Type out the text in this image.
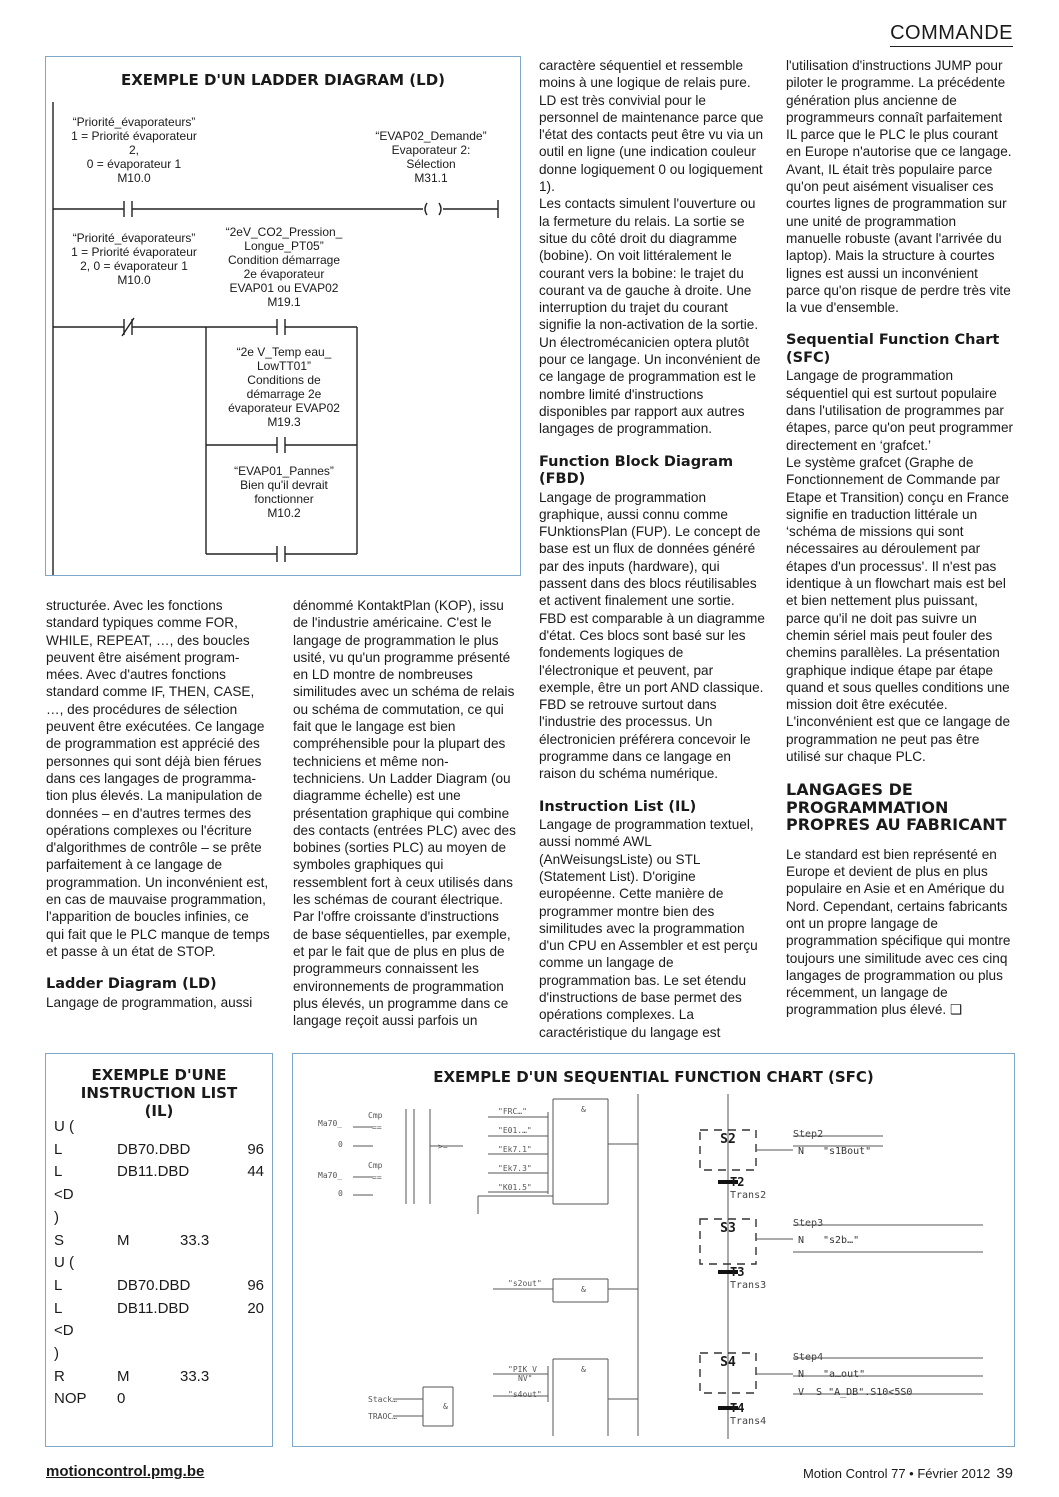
COMMANDE
EXEMPLE D'UN LADDER DIAGRAM (LD)
“Priorité_évaporateurs”
1 = Priorité évaporateur
2,
0 = évaporateur 1
M10.0
“EVAP02_Demande”
Evaporateur 2:
Sélection
M31.1
“Priorité_évaporateurs”
1 = Priorité évaporateur
2, 0 = évaporateur 1
M10.0
“2eV_CO2_Pression_
Longue_PT05”
Condition démarrage
2e évaporateur
EVAP01 ou EVAP02
M19.1
“2e V_Temp eau_
LowTT01”
Conditions de
démarrage 2e
évaporateur EVAP02
M19.3
“EVAP01_Pannes”
Bien qu'il devrait
fonctionner
M10.2

structurée. Avec les fonctions standard typiques comme FOR, WHILE, REPEAT, …, des boucles peuvent être aisément programmées. Avec d'autres fonctions standard comme IF, THEN, CASE, …, des procédures de sélection peuvent être exécutées. Ce langage de programmation est apprécié des personnes qui sont déjà bien férues dans ces langages de programmation plus élevés. La manipulation de données – en d'autres termes des opérations complexes ou l'écriture d'algorithmes de contrôle – se prête parfaitement à ce langage de programmation. Un inconvénient est, en cas de mauvaise programmation, l'apparition de boucles infinies, ce qui fait que le PLC manque de temps et passe à un état de STOP.

Ladder Diagram (LD)

Langage de programmation, aussi

dénommé KontaktPlan (KOP), issu de l'industrie américaine. C'est le langage de programmation le plus usité, vu qu'un programme présenté en LD montre de nombreuses similitudes avec un schéma de relais ou schéma de commutation, ce qui fait que le langage est bien compréhensible pour la plupart des techniciens et même non-techniciens. Un Ladder Diagram (ou diagramme échelle) est une présentation graphique qui combine des contacts (entrées PLC) avec des bobines (sorties PLC) au moyen de symboles graphiques qui ressemblent fort à ceux utilisés dans les schémas de courant électrique. Par l'offre croissante d'instructions de base séquentielles, par exemple, et par le fait que de plus en plus de programmeurs connaissent les environnements de programmation plus élevés, un programme dans ce langage reçoit aussi parfois un

caractère séquentiel et ressemble moins à une logique de relais pure. LD est très convivial pour le personnel de maintenance parce que l'état des contacts peut être vu via un outil en ligne (une indication couleur donne logiquement 0 ou logiquement 1).

Les contacts simulent l'ouverture ou la fermeture du relais. La sortie se situe du côté droit du diagramme (bobine). On voit littéralement le courant vers la bobine: le trajet du courant va de gauche à droite. Une interruption du trajet du courant signifie la non-activation de la sortie. Un électromécanicien optera plutôt pour ce langage. Un inconvénient de ce langage de programmation est le nombre limité d'instructions disponibles par rapport aux autres langages de programmation.

Function Block Diagram (FBD)

Langage de programmation graphique, aussi connu comme FUnktionsPlan (FUP). Le concept de base est un flux de données généré par des inputs (hardware), qui passent dans des blocs réutilisables et activent finalement une sortie. FBD est comparable à un diagramme d'état. Ces blocs sont basé sur les fondements logiques de l'électronique et peuvent, par exemple, être un port AND classique. FBD se retrouve surtout dans l'industrie des processus. Un électronicien préférera concevoir le programme dans ce langage en raison du schéma numérique.

Instruction List (IL)

Langage de programmation textuel, aussi nommé AWL (AnWeisungsListe) ou STL (Statement List). D'origine européenne. Cette manière de programmer montre bien des similitudes avec la programmation d'un CPU en Assembler et est perçu comme un langage de programmation bas. Le set étendu d'instructions de base permet des opérations complexes. La caractéristique du langage est

l'utilisation d'instructions JUMP pour piloter le programme. La précédente génération plus ancienne de programmeurs connaît parfaitement IL parce que le PLC le plus courant en Europe n'autorise que ce langage. Avant, IL était très populaire parce qu'on peut aisément visualiser ces courtes lignes de programmation sur une unité de programmation manuelle robuste (avant l'arrivée du laptop). Mais la structure à courtes lignes est aussi un inconvénient parce qu'on risque de perdre très vite la vue d'ensemble.

Sequential Function Chart (SFC)

Langage de programmation séquentiel qui est surtout populaire dans l'utilisation de programmes par étapes, parce qu'on peut programmer directement en ‘grafcet.’

Le système grafcet (Graphe de Fonctionnement de Commande par Etape et Transition) conçu en France signifie en traduction littérale un ‘schéma de missions qui sont nécessaires au déroulement par étapes d'un processus'. Il n'est pas identique à un flowchart mais est bel et bien nettement plus puissant, parce qu'il ne doit pas suivre un chemin sériel mais peut fouler des chemins parallèles. La présentation graphique indique étape par étape quand et sous quelles conditions une mission doit être exécutée.

L'inconvénient est que ce langage de programmation ne peut pas être utilisé sur chaque PLC.

LANGAGES DE PROGRAMMATION PROPRES AU FABRICANT

Le standard est bien représenté en Europe et devient de plus en plus populaire en Asie et en Amérique du Nord. Cependant, certains fabricants ont un propre langage de programmation spécifique qui montre toujours une similitude avec ces cinq langages de programmation ou plus récemment, un langage de programmation plus élevé. ❑

EXEMPLE D'UNE INSTRUCTION LIST (IL)
U (
L	DB70.DBD	96
L	DB11.DBD	44
<D
)
S	M	33.3
U (
L	DB70.DBD	96
L	DB11.DBD	20
<D
)
R	M	33.3
NOP 0
EXEMPLE D'UN SEQUENTIAL FUNCTION CHART (SFC)
Ma70_
Cmp
==
0
Ma70_
Cmp
==
0
>=
"FRC…"
"E01.…"
"Ek7.1"
"Ek7.3"
"K01.5"
&
"s2out"
&
"PIK V
NV"
"s4out"
&
Stack…
TRAOC…
&
S2	Step2
N "s1Bout"
S3	Step3
N "s2b…"
S4	Step4
N "a…out"
T2
Trans2
T3
Trans3
T4
Trans4
V  S "A_DB".S10<5S0
motioncontrol.pmg.be	Motion Control 77 • Février 2012 39
